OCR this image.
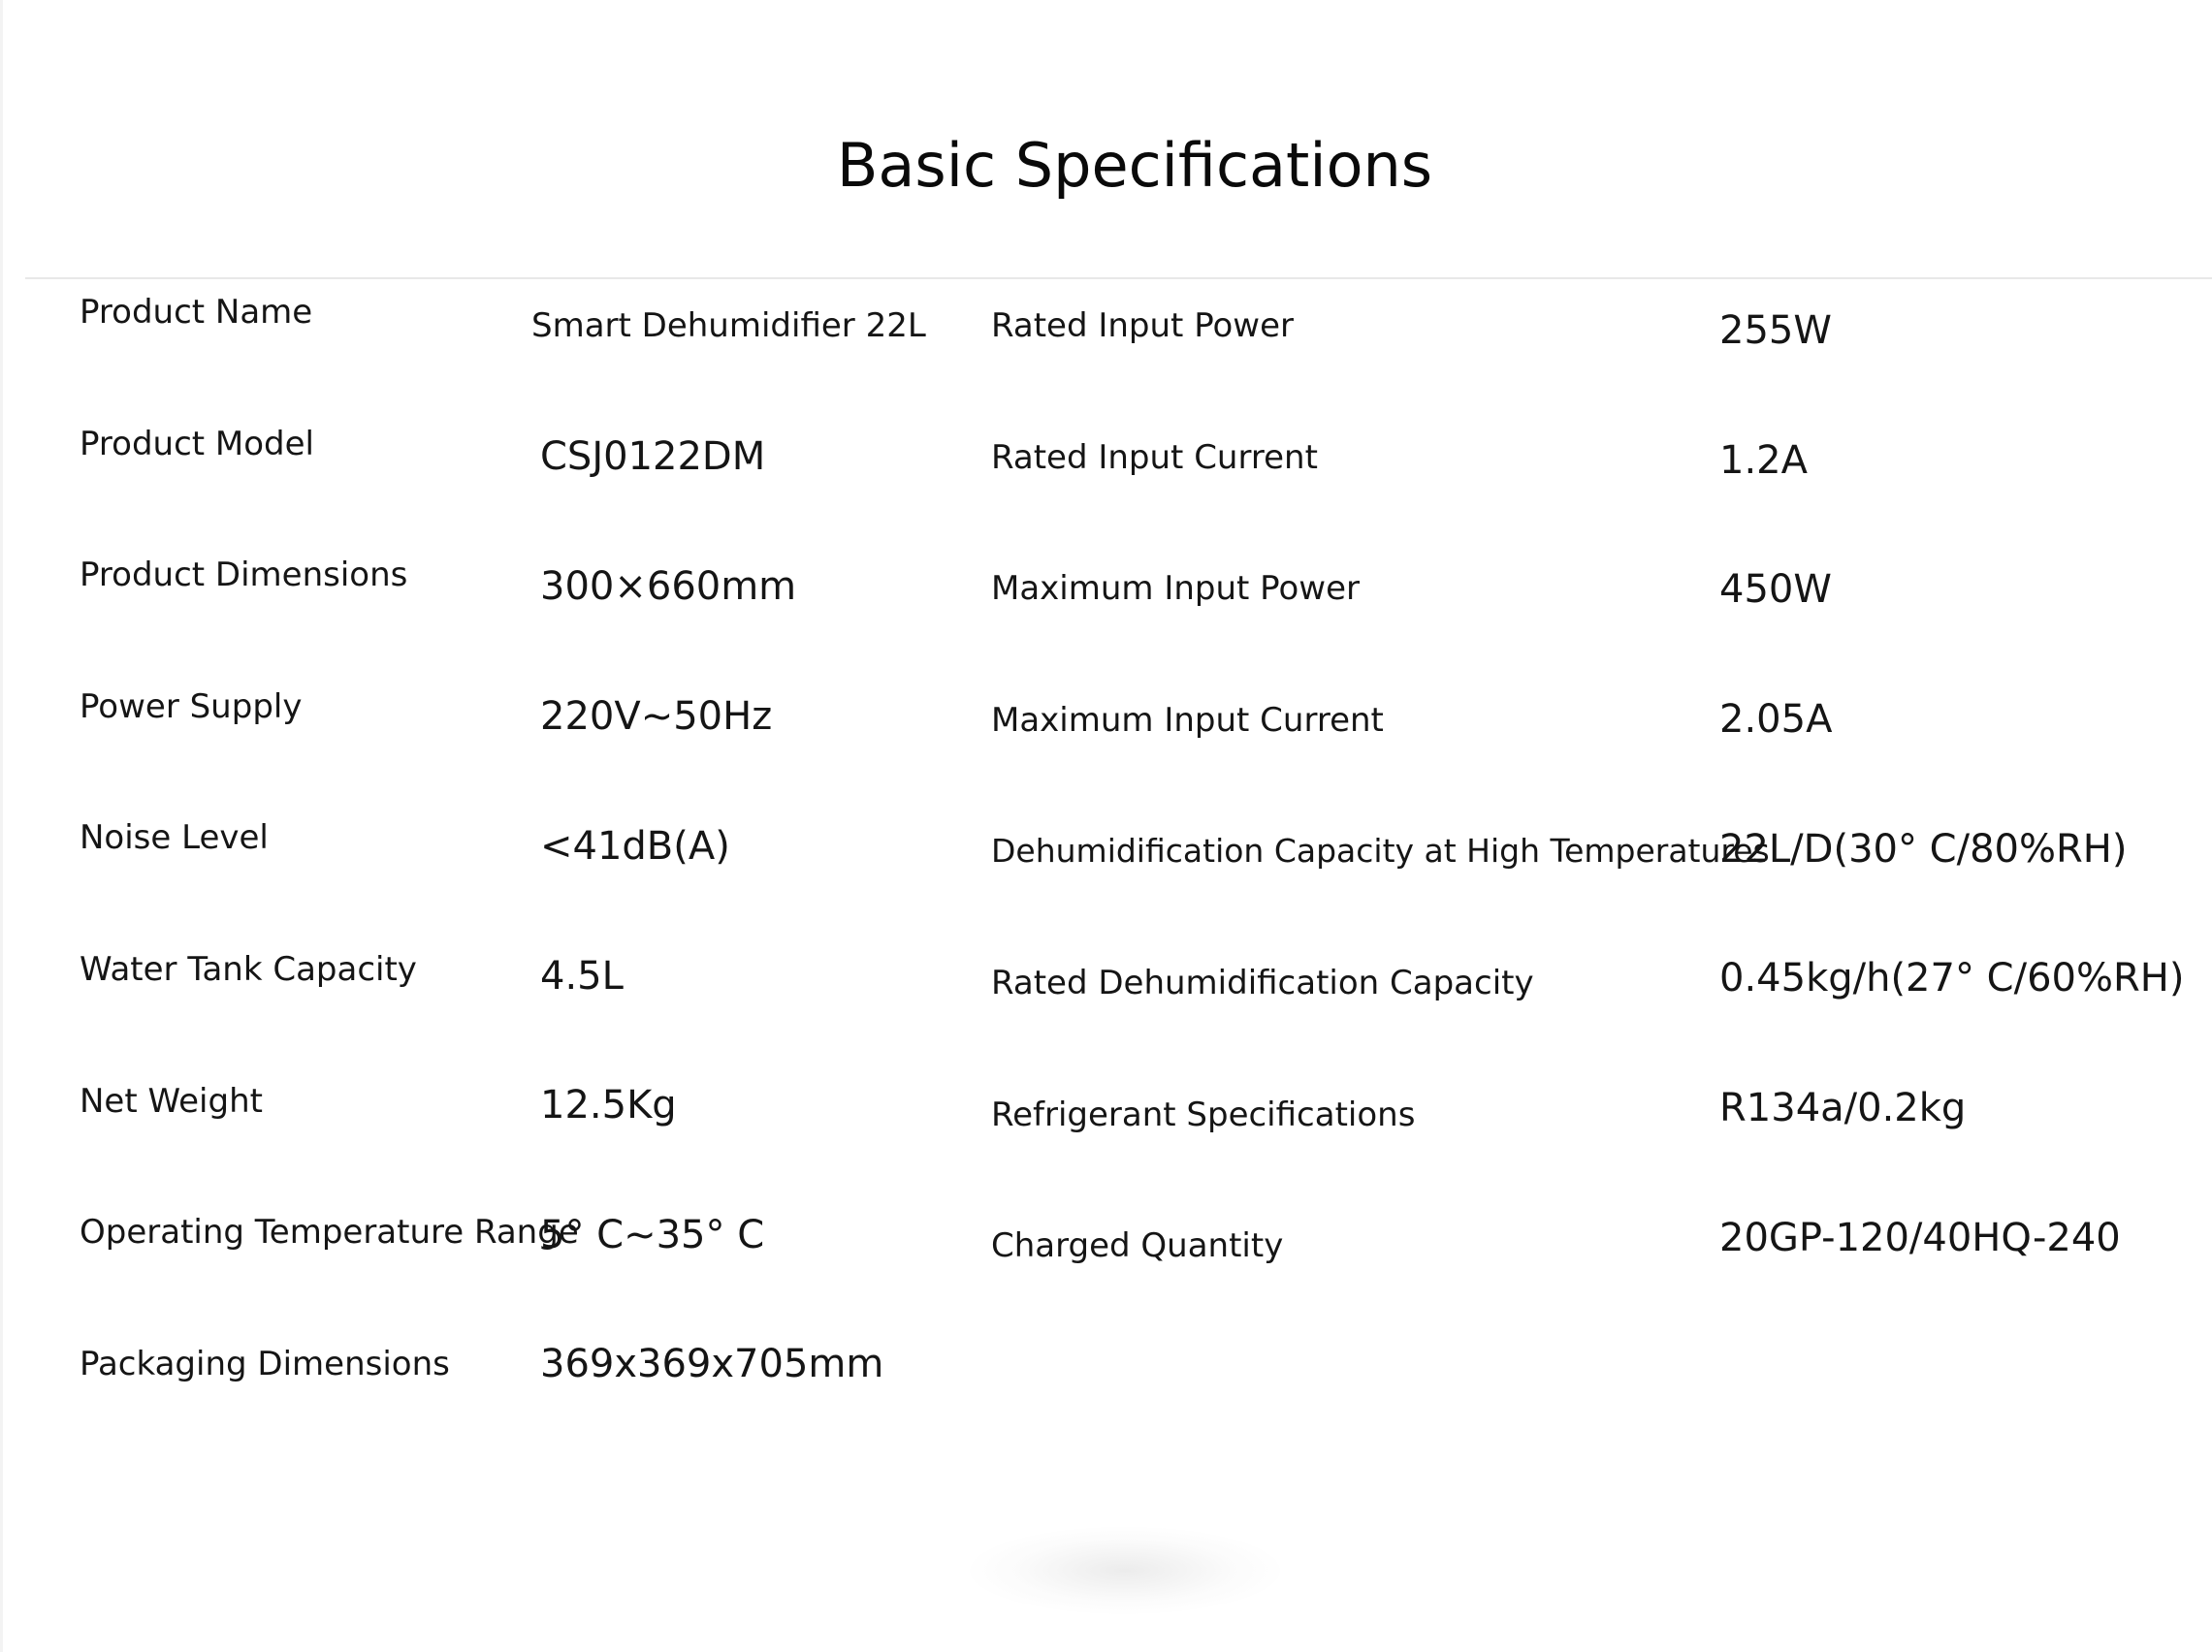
Basic Specifications
Product Name
Product Model
Product Dimensions
Power Supply
Noise Level
Water Tank Capacity
Net Weight
Operating Temperature Range
Packaging Dimensions
Smart Dehumidifier 22L
CSJ0122DM
300×660mm
220V~50Hz
<41dB(A)
4.5L
12.5Kg
5° C~35° C
369x369x705mm
Rated Input Power
Rated Input Current
Maximum Input Power
Maximum Input Current
Dehumidification Capacity at High Temperatures
Rated Dehumidification Capacity
Refrigerant Specifications
Charged Quantity
255W
1.2A
450W
2.05A
22L/D(30° C/80%RH)
0.45kg/h(27° C/60%RH)
R134a/0.2kg
20GP-120/40HQ-240
